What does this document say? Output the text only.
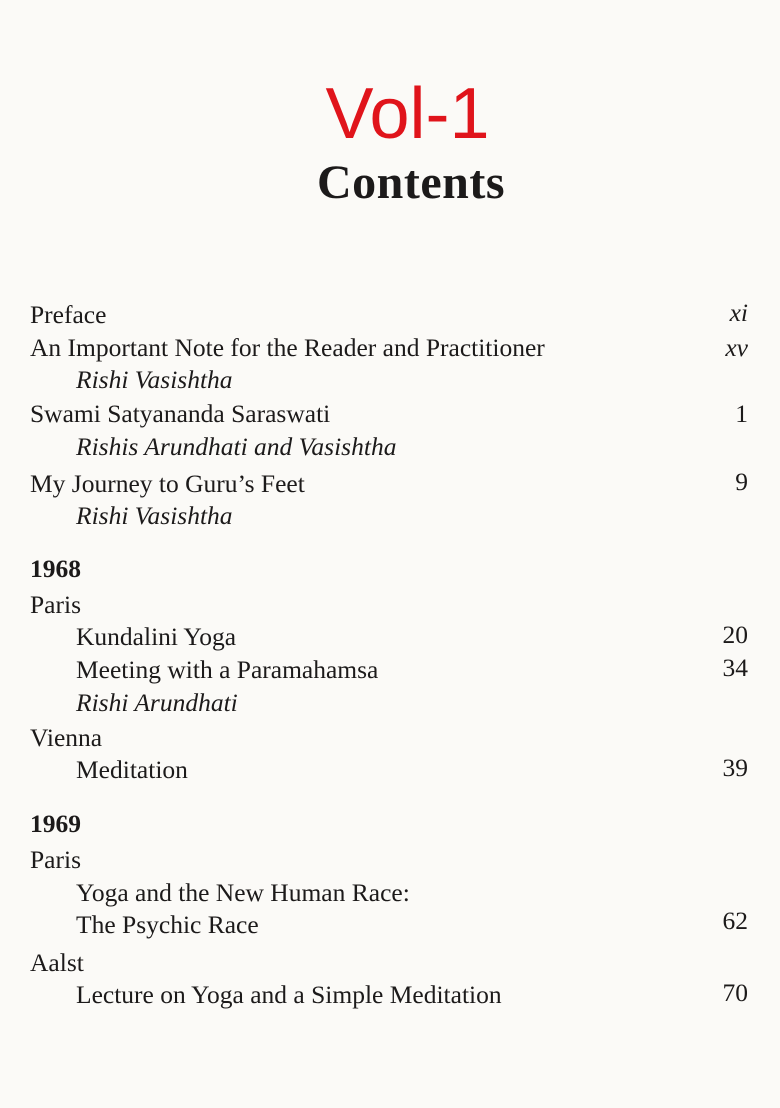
Vol-1
Contents
Preface	xi
An Important Note for the Reader and Practitioner	xv
Rishi Vasishtha
Swami Satyananda Saraswati	1
Rishis Arundhati and Vasishtha
My Journey to Guru’s Feet	9
Rishi Vasishtha
1968
Paris
Kundalini Yoga	20
Meeting with a Paramahamsa	34
Rishi Arundhati
Vienna
Meditation	39
1969
Paris
Yoga and the New Human Race:
The Psychic Race	62
Aalst
Lecture on Yoga and a Simple Meditation	70
